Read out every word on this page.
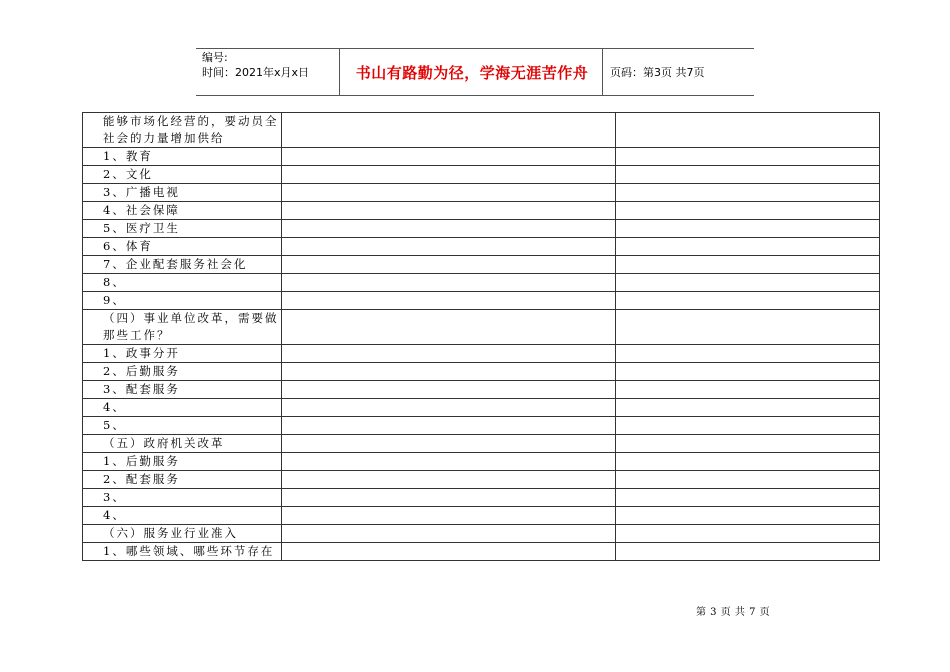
编号:
时间：2021年x月x日	书山有路勤为径，学海无涯苦作舟	页码：第3页 共7页
能够市场化经营的，要动员全社会的力量增加供给		
1、教育		
2、文化		
3、广播电视		
4、社会保障		
5、医疗卫生		
6、体育		
7、企业配套服务社会化		
8、		
9、		
（四）事业单位改革，需要做那些工作？		
1、政事分开		
2、后勤服务		
3、配套服务		
4、		
5、		
（五）政府机关改革		
1、后勤服务		
2、配套服务		
3、		
4、		
（六）服务业行业准入		
1、哪些领域、哪些环节存在		
第 3 页 共 7 页
